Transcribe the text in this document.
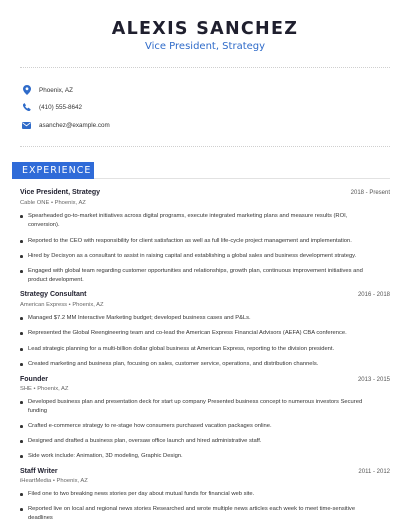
ALEXIS SANCHEZ
Vice President, Strategy
Phoenix, AZ
(410) 555-8642
asanchez@example.com
EXPERIENCE
Vice President, Strategy	2018 - Present
Cable ONE • Phoenix, AZ
Spearheaded go-to-market initiatives across digital programs, execute integrated marketing plans and measure results (ROI, conversion).
Reported to the CEO with responsibility for client satisfaction as well as full life-cycle project management and implementation.
Hired by Decisyon as a consultant to assist in raising capital and establishing a global sales and business development strategy.
Engaged with global team regarding customer opportunities and relationships, growth plan, continuous improvement initiatives and product development.
Strategy Consultant	2016 - 2018
American Express • Phoenix, AZ
Managed $7.2 MM Interactive Marketing budget; developed business cases and P&Ls.
Represented the Global Reengineering team and co-lead the American Express Financial Advisors (AEFA) CBA conference.
Lead strategic planning for a multi-billion dollar global business at American Express, reporting to the division president.
Created marketing and business plan, focusing on sales, customer service, operations, and distribution channels.
Founder	2013 - 2015
SHE • Phoenix, AZ
Developed business plan and presentation deck for start up company Presented business concept to numerous investors Secured funding
Crafted e-commerce strategy to re-stage how consumers purchased vacation packages online.
Designed and drafted a business plan, oversaw office launch and hired administrative staff.
Side work include: Animation, 3D modeling, Graphic Design.
Staff Writer	2011 - 2012
iHeartMedia • Phoenix, AZ
Filed one to two breaking news stories per day about mutual funds for financial web site.
Reported live on local and regional news stories Researched and wrote multiple news articles each week to meet time-sensitive deadlines
